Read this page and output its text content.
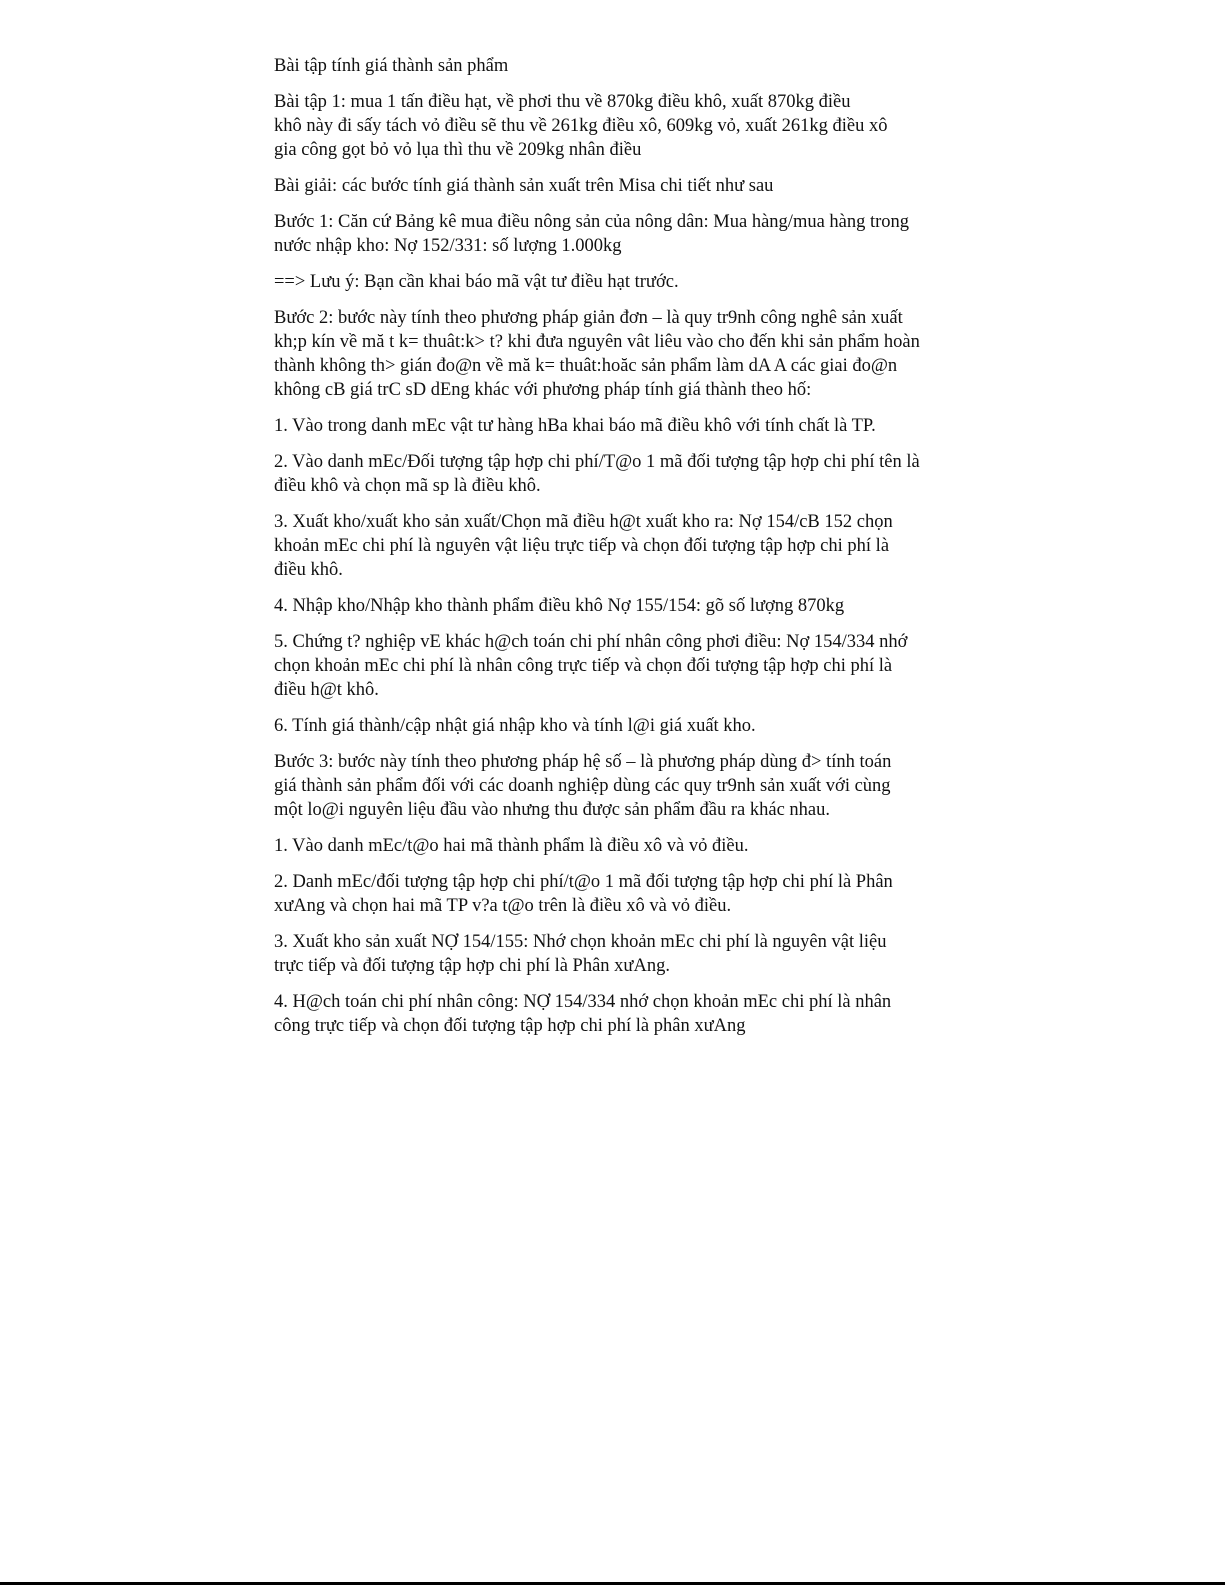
Bài tập tính giá thành sản phẩm
Bài tập 1: mua 1 tấn điều hạt, về phơi thu về 870kg điều khô, xuất 870kg điều
khô này đi sấy tách vỏ điều sẽ thu về 261kg điều xô, 609kg vỏ, xuất 261kg điều xô
gia công gọt bỏ vỏ lụa thì thu về 209kg nhân điều
Bài giải: các bước tính giá thành sản xuất trên Misa chi tiết như sau
Bước 1: Căn cứ Bảng kê mua điều nông sản của nông dân: Mua hàng/mua hàng trong
nước nhập kho: Nợ 152/331: số lượng 1.000kg
==> Lưu ý: Bạn cần khai báo mã vật tư điều hạt trước.
Bước 2: bước này tính theo phương pháp giản đơn – là quy tr9nh công nghê sản xuất
kh;p kín về mă t k= thuât:k> t? khi đưa nguyên vât liêu vào cho đến khi sản phẩm hoàn
thành không th> gián đo@n về mă k= thuât:hoăc sản phẩm làm dA A các giai đo@n
không cB giá trC sD dEng khác với phương pháp tính giá thành theo hố:
1. Vào trong danh mEc vật tư hàng hBa khai báo mã điều khô với tính chất là TP.
2. Vào danh mEc/Đối tượng tập hợp chi phí/T@o 1 mã đối tượng tập hợp chi phí tên là
điều khô và chọn mã sp là điều khô.
3. Xuất kho/xuất kho sản xuất/Chọn mã điều h@t xuất kho ra: Nợ 154/cB 152 chọn
khoản mEc chi phí là nguyên vật liệu trực tiếp và chọn đối tượng tập hợp chi phí là
điều khô.
4. Nhập kho/Nhập kho thành phẩm điều khô Nợ 155/154: gõ số lượng 870kg
5. Chứng t? nghiệp vE khác h@ch toán chi phí nhân công phơi điều: Nợ 154/334 nhớ
chọn khoản mEc chi phí là nhân công trực tiếp và chọn đối tượng tập hợp chi phí là
điều h@t khô.
6. Tính giá thành/cập nhật giá nhập kho và tính l@i giá xuất kho.
Bước 3: bước này tính theo phương pháp hệ số – là phương pháp dùng đ> tính toán
giá thành sản phẩm đối với các doanh nghiệp dùng các quy tr9nh sản xuất với cùng
một lo@i nguyên liệu đầu vào nhưng thu được sản phẩm đầu ra khác nhau.
1. Vào danh mEc/t@o hai mã thành phẩm là điều xô và vỏ điều.
2. Danh mEc/đối tượng tập hợp chi phí/t@o 1 mã đối tượng tập hợp chi phí là Phân
xưAng và chọn hai mã TP v?a t@o trên là điều xô và vỏ điều.
3. Xuất kho sản xuất NỢ 154/155: Nhớ chọn khoản mEc chi phí là nguyên vật liệu
trực tiếp và đối tượng tập hợp chi phí là Phân xưAng.
4. H@ch toán chi phí nhân công: NỢ 154/334 nhớ chọn khoản mEc chi phí là nhân
công trực tiếp và chọn đối tượng tập hợp chi phí là phân xưAng
